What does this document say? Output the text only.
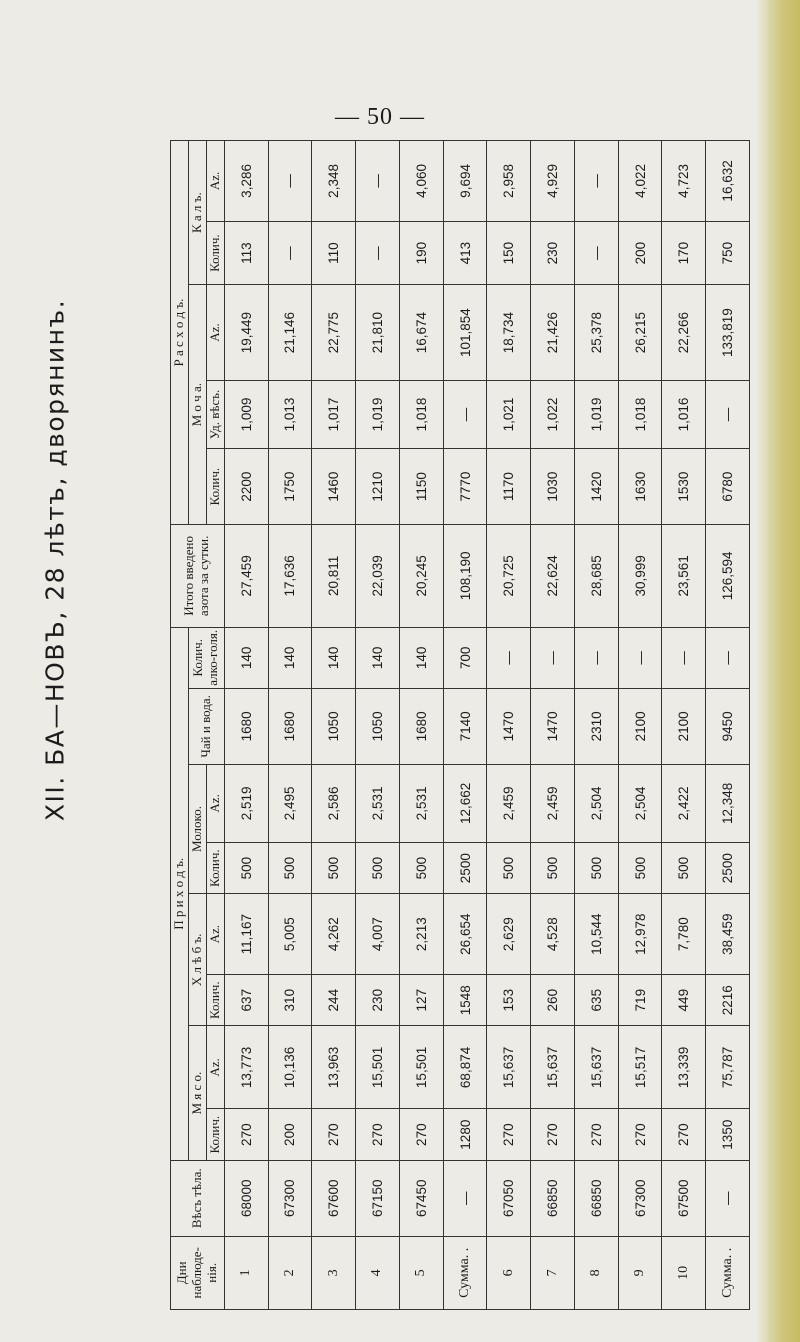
— 50 —
XII. БА—НОВЪ, 28 лѣтъ, дворянинъ.
Дни наблюде-нія.	Вѣсъ тѣла.	П р и х о д ъ.								Итого введено азота за сутки.	Р а с х о д ъ.				
		М я с о.		Х л ѣ б ъ.		Молоко.		Чай и вода.	Колич. алко-голя.		М о ч а.			К а л ъ.	
		Колич.	Аz.	Колич.	Аz.	Колич.	Аz.				Колич.	Уд. вѣсъ.	Аz.	Колич.	Аz.
1	68000	270	13,773	637	11,167	500	2,519	1680	140	27,459	2200	1,009	19,449	113	3,286
2	67300	200	10,136	310	5,005	500	2,495	1680	140	17,636	1750	1,013	21,146	—	—
3	67600	270	13,963	244	4,262	500	2,586	1050	140	20,811	1460	1,017	22,775	110	2,348
4	67150	270	15,501	230	4,007	500	2,531	1050	140	22,039	1210	1,019	21,810	—	—
5	67450	270	15,501	127	2,213	500	2,531	1680	140	20,245	1150	1,018	16,674	190	4,060
Сумма. .	—	1280	68,874	1548	26,654	2500	12,662	7140	700	108,190	7770	—	101,854	413	9,694
6	67050	270	15,637	153	2,629	500	2,459	1470	—	20,725	1170	1,021	18,734	150	2,958
7	66850	270	15,637	260	4,528	500	2,459	1470	—	22,624	1030	1,022	21,426	230	4,929
8	66850	270	15,637	635	10,544	500	2,504	2310	—	28,685	1420	1,019	25,378	—	—
9	67300	270	15,517	719	12,978	500	2,504	2100	—	30,999	1630	1,018	26,215	200	4,022
10	67500	270	13,339	449	7,780	500	2,422	2100	—	23,561	1530	1,016	22,266	170	4,723
Сумма. .	—	1350	75,787	2216	38,459	2500	12,348	9450	—	126,594	6780	—	133,819	750	16,632
